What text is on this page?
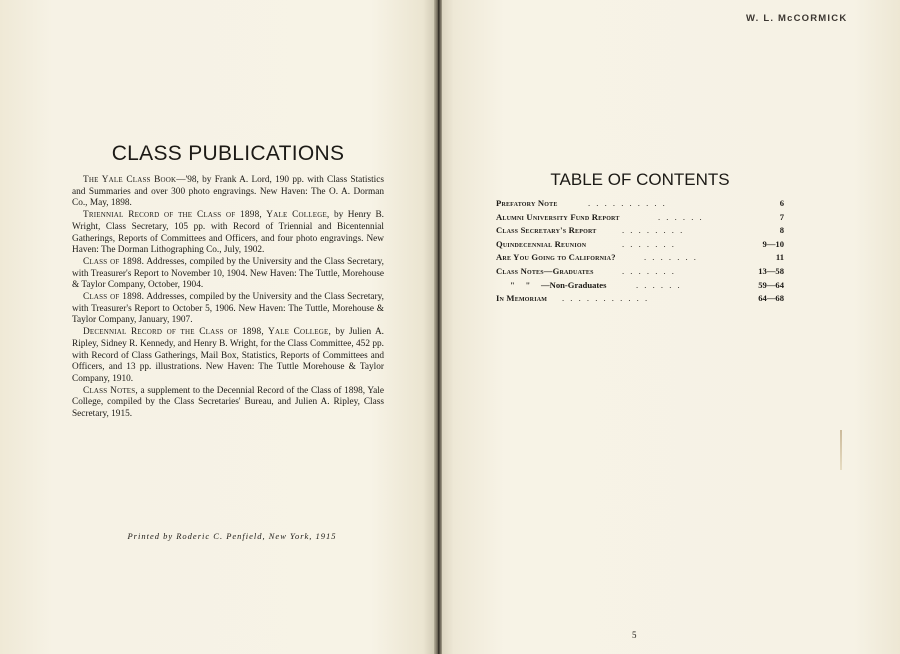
CLASS PUBLICATIONS

The Yale Class Book—'98, by Frank A. Lord, 190 pp. with Class Statistics and Summaries and over 300 photo engravings. New Haven: The O. A. Dorman Co., May, 1898.

Triennial Record of the Class of 1898, Yale College, by Henry B. Wright, Class Secretary, 105 pp. with Record of Triennial and Bicentennial Gatherings, Reports of Committees and Officers, and four photo engravings. New Haven: The Dorman Lithographing Co., July, 1902.

Class of 1898. Addresses, compiled by the University and the Class Secretary, with Treasurer's Report to November 10, 1904. New Haven: The Tuttle, Morehouse & Taylor Company, October, 1904.

Class of 1898. Addresses, compiled by the University and the Class Secretary, with Treasurer's Report to October 5, 1906. New Haven: The Tuttle, Morehouse & Taylor Company, January, 1907.

Decennial Record of the Class of 1898, Yale College, by Julien A. Ripley, Sidney R. Kennedy, and Henry B. Wright, for the Class Committee, 452 pp. with Record of Class Gatherings, Mail Box, Statistics, Reports of Committees and Officers, and 13 pp. illustrations. New Haven: The Tuttle Morehouse & Taylor Company, 1910.

Class Notes, a supplement to the Decennial Record of the Class of 1898, Yale College, compiled by the Class Secretaries' Bureau, and Julien A. Ripley, Class Secretary, 1915.

Printed by Roderic C. Penfield, New York, 1915
W. L. McCORMICK
TABLE OF CONTENTS
Prefatory Note	. . . . . . . . . .	6
Alumni University Fund Report	. . . . . .	7
Class Secretary's Report	. . . . . . . .	8
Quindecennial Reunion	. . . . . . .	9—10
Are You Going to California?	. . . . . . .	11
Class Notes—Graduates	. . . . . . .	13—58
"     "     —Non-Graduates	. . . . . .	59—64
In Memoriam . . . . . . . . . . .	64—68
5
